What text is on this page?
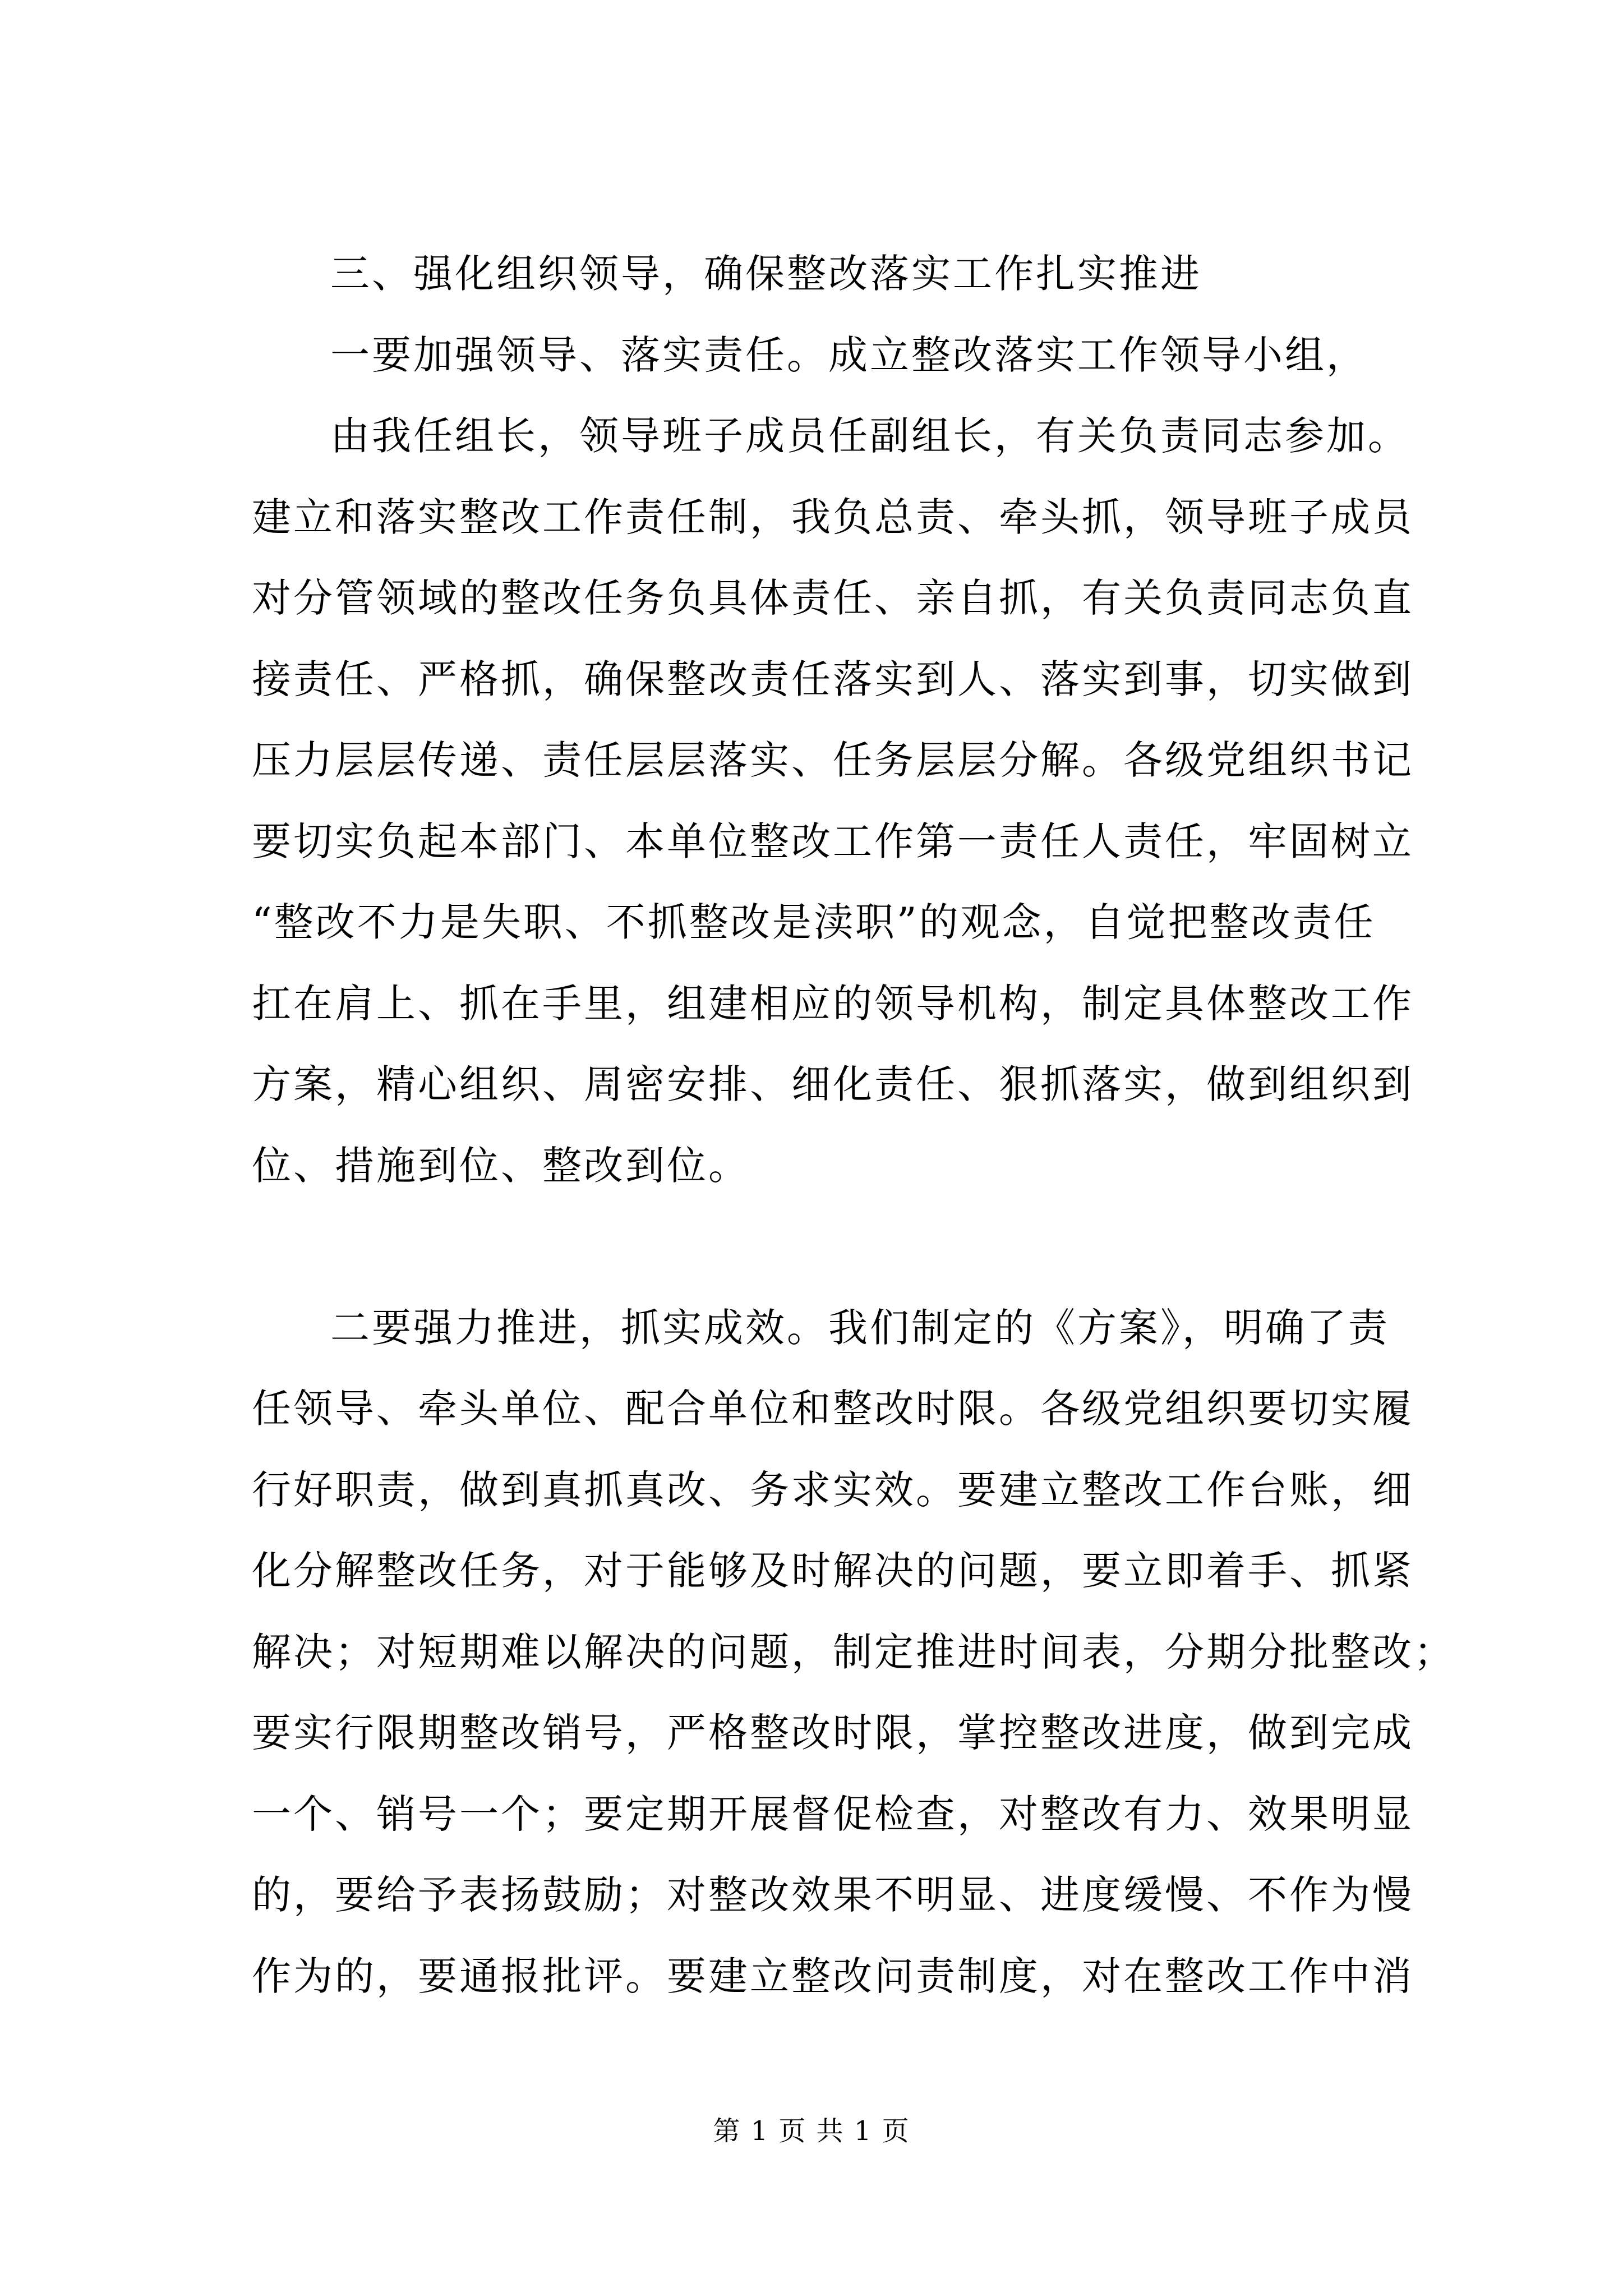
三、强化组织领导，确保整改落实工作扎实推进
一要加强领导、落实责任。成立整改落实工作领导小组，
由我任组长，领导班子成员任副组长，有关负责同志参加。
建立和落实整改工作责任制，我负总责、牵头抓，领导班子成员
对分管领域的整改任务负具体责任、亲自抓，有关负责同志负直
接责任、严格抓，确保整改责任落实到人、落实到事，切实做到
压力层层传递、责任层层落实、任务层层分解。各级党组织书记
要切实负起本部门、本单位整改工作第一责任人责任，牢固树立
“整改不力是失职、不抓整改是渎职”的观念，自觉把整改责任
扛在肩上、抓在手里，组建相应的领导机构，制定具体整改工作
方案，精心组织、周密安排、细化责任、狠抓落实，做到组织到
位、措施到位、整改到位。
二要强力推进，抓实成效。我们制定的《方案》，明确了责
任领导、牵头单位、配合单位和整改时限。各级党组织要切实履
行好职责，做到真抓真改、务求实效。要建立整改工作台账，细
化分解整改任务，对于能够及时解决的问题，要立即着手、抓紧
解决；对短期难以解决的问题，制定推进时间表，分期分批整改；
要实行限期整改销号，严格整改时限，掌控整改进度，做到完成
一个、销号一个；要定期开展督促检查，对整改有力、效果明显
的，要给予表扬鼓励；对整改效果不明显、进度缓慢、不作为慢
作为的，要通报批评。要建立整改问责制度，对在整改工作中消
第 1 页 共 1 页
